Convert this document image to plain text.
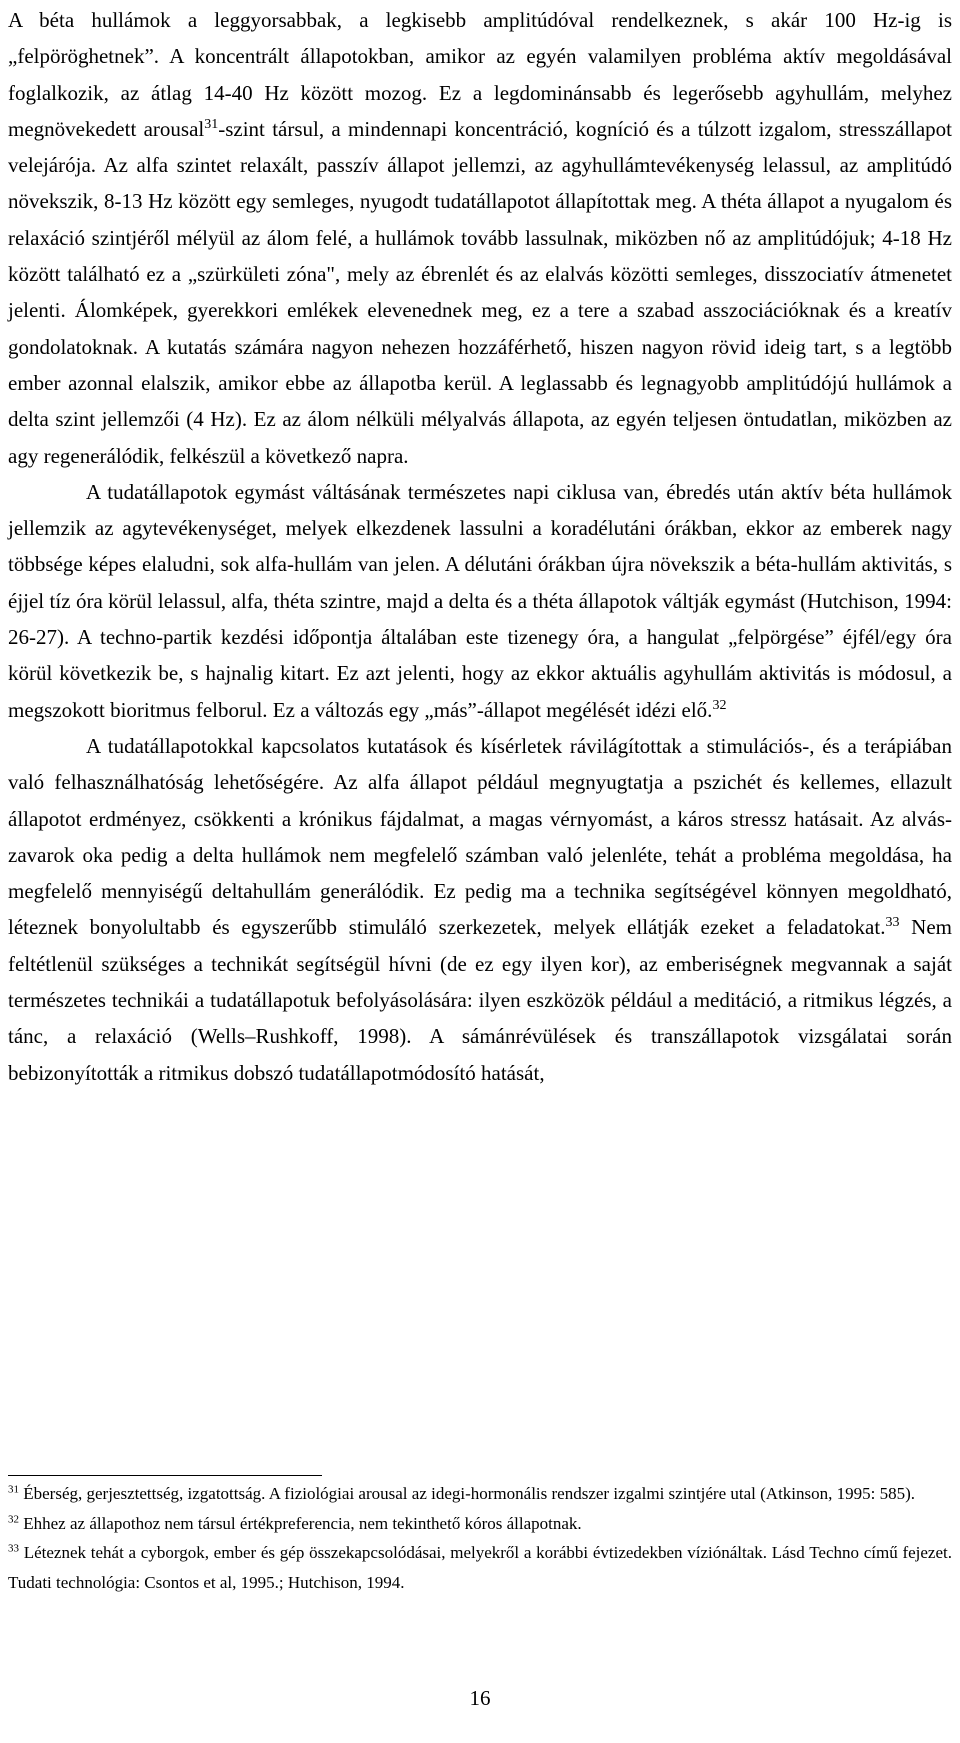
A béta hullámok a leggyorsabbak, a legkisebb amplitúdóval rendelkeznek, s akár 100 Hz-ig is „felpöröghetnek”. A koncentrált állapotokban, amikor az egyén valamilyen probléma aktív megoldásával foglalkozik, az átlag 14-40 Hz között mozog. Ez a legdominánsabb és legerősebb agyhullám, melyhez megnövekedett arousal$^{31}$-szint társul, a mindennapi koncentráció, kogníció és a túlzott izgalom, stresszállapot velejárója. Az alfa szintet relaxált, passzív állapot jellemzi, az agyhullámtevékenység lelassul, az amplitúdó növekszik, 8-13 Hz között egy semleges, nyugodt tudatállapotot állapítottak meg. A théta állapot a nyugalom és relaxáció szintjéről mélyül az álom felé, a hullámok tovább lassulnak, miközben nő az amplitúdójuk; 4-18 Hz között található ez a „szürkületi zóna", mely az ébrenlét és az elalvás közötti semleges, disszociatív átmenetet jelenti. Álomképek, gyerekkori emlékek elevenednek meg, ez a tere a szabad asszociációknak és a kreatív gondolatoknak. A kutatás számára nagyon nehezen hozzáférhető, hiszen nagyon rövid ideig tart, s a legtöbb ember azonnal elalszik, amikor ebbe az állapotba kerül. A leglassabb és legnagyobb amplitúdójú hullámok a delta szint jellemzői (4 Hz). Ez az álom nélküli mélyalvás állapota, az egyén teljesen öntudatlan, miközben az agy regenerálódik, felkészül a következő napra.

A tudatállapotok egymást váltásának természetes napi ciklusa van, ébredés után aktív béta hullámok jellemzik az agytevékenységet, melyek elkezdenek lassulni a koradélutáni órákban, ekkor az emberek nagy többsége képes elaludni, sok alfa-hullám van jelen. A délutáni órákban újra növekszik a béta-hullám aktivitás, s éjjel tíz óra körül lelassul, alfa, théta szintre, majd a delta és a théta állapotok váltják egymást (Hutchison, 1994: 26-27). A techno-partik kezdési időpontja általában este tizenegy óra, a hangulat „felpörgése” éjfél/egy óra körül következik be, s hajnalig kitart. Ez azt jelenti, hogy az ekkor aktuális agyhullám aktivitás is módosul, a megszokott bioritmus felborul. Ez a változás egy „más”-állapot megélését idézi elő.$^{32}$

A tudatállapotokkal kapcsolatos kutatások és kísérletek rávilágítottak a stimulációs-, és a terápiában való felhasználhatóság lehetőségére. Az alfa állapot például megnyugtatja a pszichét és kellemes, ellazult állapotot erdményez, csökkenti a krónikus fájdalmat, a magas vérnyomást, a káros stressz hatásait. Az alvás-zavarok oka pedig a delta hullámok nem megfelelő számban való jelenléte, tehát a probléma megoldása, ha megfelelő mennyiségű deltahullám generálódik. Ez pedig ma a technika segítségével könnyen megoldható, léteznek bonyolultabb és egyszerűbb stimuláló szerkezetek, melyek ellátják ezeket a feladatokat.$^{33}$ Nem feltétlenül szükséges a technikát segítségül hívni (de ez egy ilyen kor), az emberiségnek megvannak a saját természetes technikái a tudatállapotuk befolyásolására: ilyen eszközök például a meditáció, a ritmikus légzés, a tánc, a relaxáció (Wells–Rushkoff, 1998). A sámánrévülések és transzállapotok vizsgálatai során bebizonyították a ritmikus dobszó tudatállapotmódosító hatását,

$^{31}$ Éberség, gerjesztettség, izgatottság. A fiziológiai arousal az idegi-hormonális rendszer izgalmi szintjére utal (Atkinson, 1995: 585).

$^{32}$ Ehhez az állapothoz nem társul értékpreferencia, nem tekinthető kóros állapotnak.

$^{33}$ Léteznek tehát a cyborgok, ember és gép összekapcsolódásai, melyekről a korábbi évtizedekben víziónáltak. Lásd Techno című fejezet. Tudati technológia: Csontos et al, 1995.; Hutchison, 1994.

16
